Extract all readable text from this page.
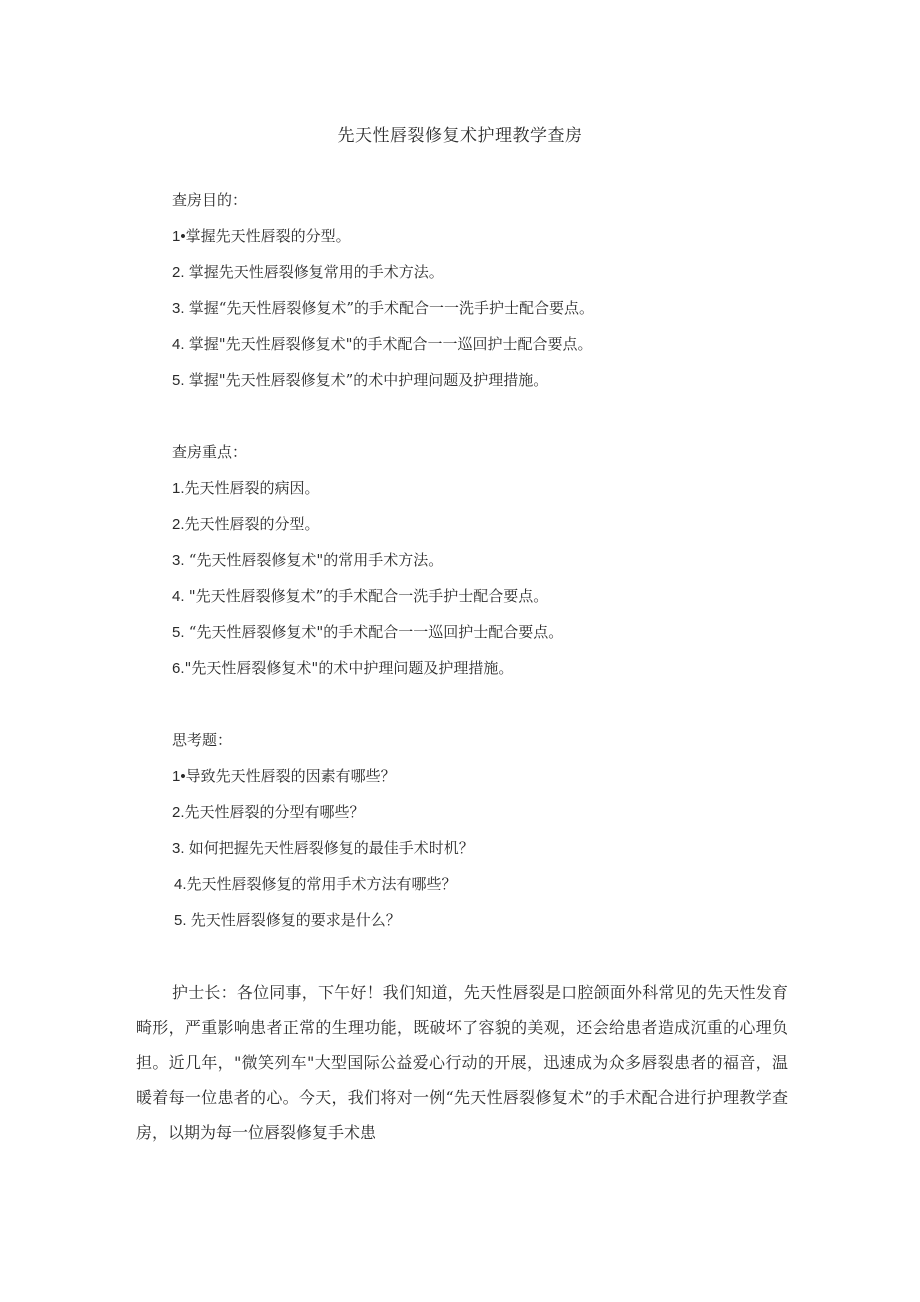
先天性唇裂修复术护理教学查房
查房目的：
1•掌握先天性唇裂的分型。
2. 掌握先天性唇裂修复常用的手术方法。
3. 掌握“先天性唇裂修复术”的手术配合一一洗手护士配合要点。
4. 掌握"先天性唇裂修复术"的手术配合一一巡回护士配合要点。
5. 掌握"先天性唇裂修复术”的术中护理问题及护理措施。
查房重点：
1.先天性唇裂的病因。
2.先天性唇裂的分型。
3. “先天性唇裂修复术"的常用手术方法。
4. "先天性唇裂修复术”的手术配合一洗手护士配合要点。
5. “先天性唇裂修复术"的手术配合一一巡回护士配合要点。
6."先天性唇裂修复术"的术中护理问题及护理措施。
思考题：
1•导致先天性唇裂的因素有哪些？
2.先天性唇裂的分型有哪些？
3. 如何把握先天性唇裂修复的最佳手术时机？
4.先天性唇裂修复的常用手术方法有哪些？
5. 先天性唇裂修复的要求是什么？
护士长：各位同事，下午好！我们知道，先天性唇裂是口腔颌面外科常见的先天性发育畸形，严重影响患者正常的生理功能，既破坏了容貌的美观，还会给患者造成沉重的心理负担。近几年，"微笑列车"大型国际公益爱心行动的开展，迅速成为众多唇裂患者的福音，温暖着每一位患者的心。今天，我们将对一例“先天性唇裂修复术”的手术配合进行护理教学查房，以期为每一位唇裂修复手术患
